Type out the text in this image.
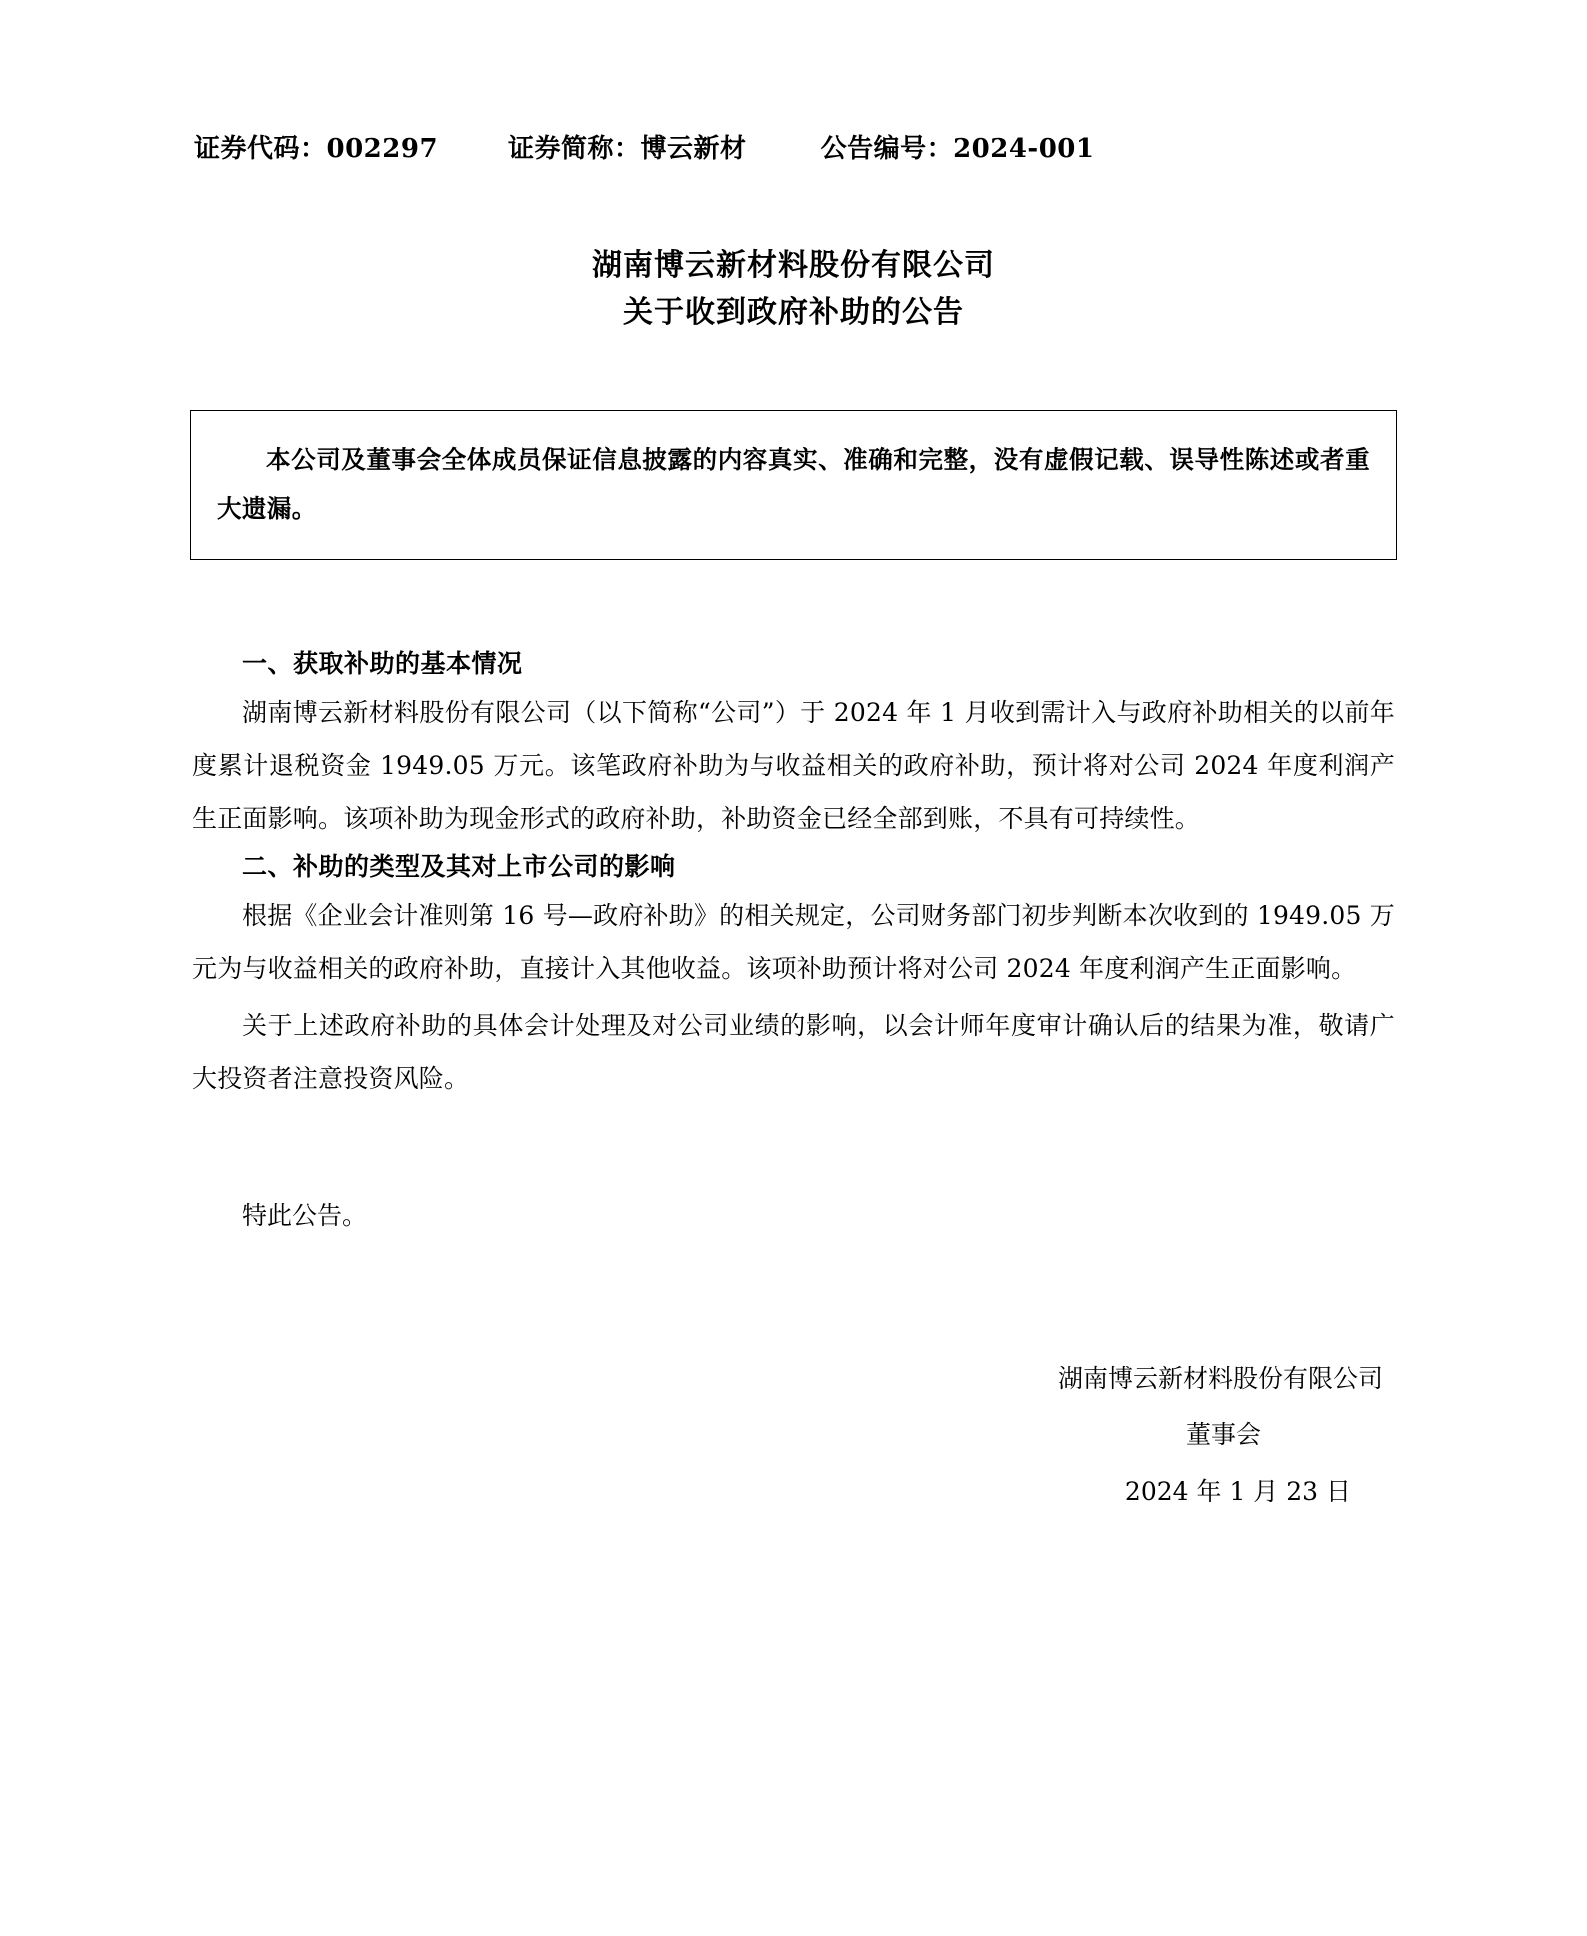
证券代码：002297	证券简称：博云新材	公告编号：2024-001
湖南博云新材料股份有限公司
关于收到政府补助的公告

本公司及董事会全体成员保证信息披露的内容真实、准确和完整，没有虚假记载、误导性陈述或者重大遗漏。

一、获取补助的基本情况

湖南博云新材料股份有限公司（以下简称“公司”）于 2024 年 1 月收到需计入与政府补助相关的以前年度累计退税资金 1949.05 万元。该笔政府补助为与收益相关的政府补助，预计将对公司 2024 年度利润产生正面影响。该项补助为现金形式的政府补助，补助资金已经全部到账，不具有可持续性。

二、补助的类型及其对上市公司的影响

根据《企业会计准则第 16 号—政府补助》的相关规定，公司财务部门初步判断本次收到的 1949.05 万元为与收益相关的政府补助，直接计入其他收益。该项补助预计将对公司 2024 年度利润产生正面影响。

关于上述政府补助的具体会计处理及对公司业绩的影响，以会计师年度审计确认后的结果为准，敬请广大投资者注意投资风险。

特此公告。

湖南博云新材料股份有限公司
董事会
2024 年 1 月 23 日
